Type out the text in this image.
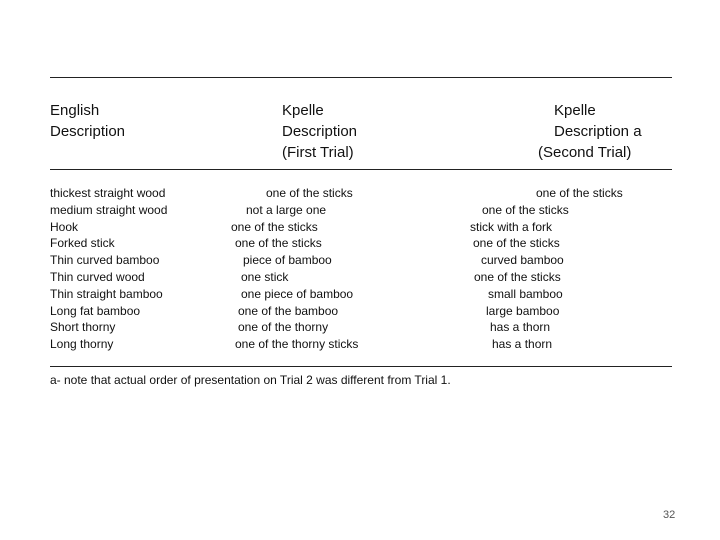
English
Description
Kpelle
Description
(First Trial)
Kpelle
Description a
(Second Trial)
thickest straight wood
medium straight wood
Hook
Forked stick
Thin curved bamboo
Thin curved wood
Thin straight bamboo
Long fat bamboo
Short thorny
Long thorny
one of the sticks
not a large one
one of the sticks
one of the sticks
piece of bamboo
one stick
one piece of bamboo
one of the bamboo
one of the thorny
one of the thorny sticks
one of the sticks
one of the sticks
stick with a fork
one of the sticks
curved bamboo
one of the sticks
small bamboo
large bamboo
has a thorn
has a thorn
a- note that actual order of presentation on Trial 2 was different from Trial 1.
32
